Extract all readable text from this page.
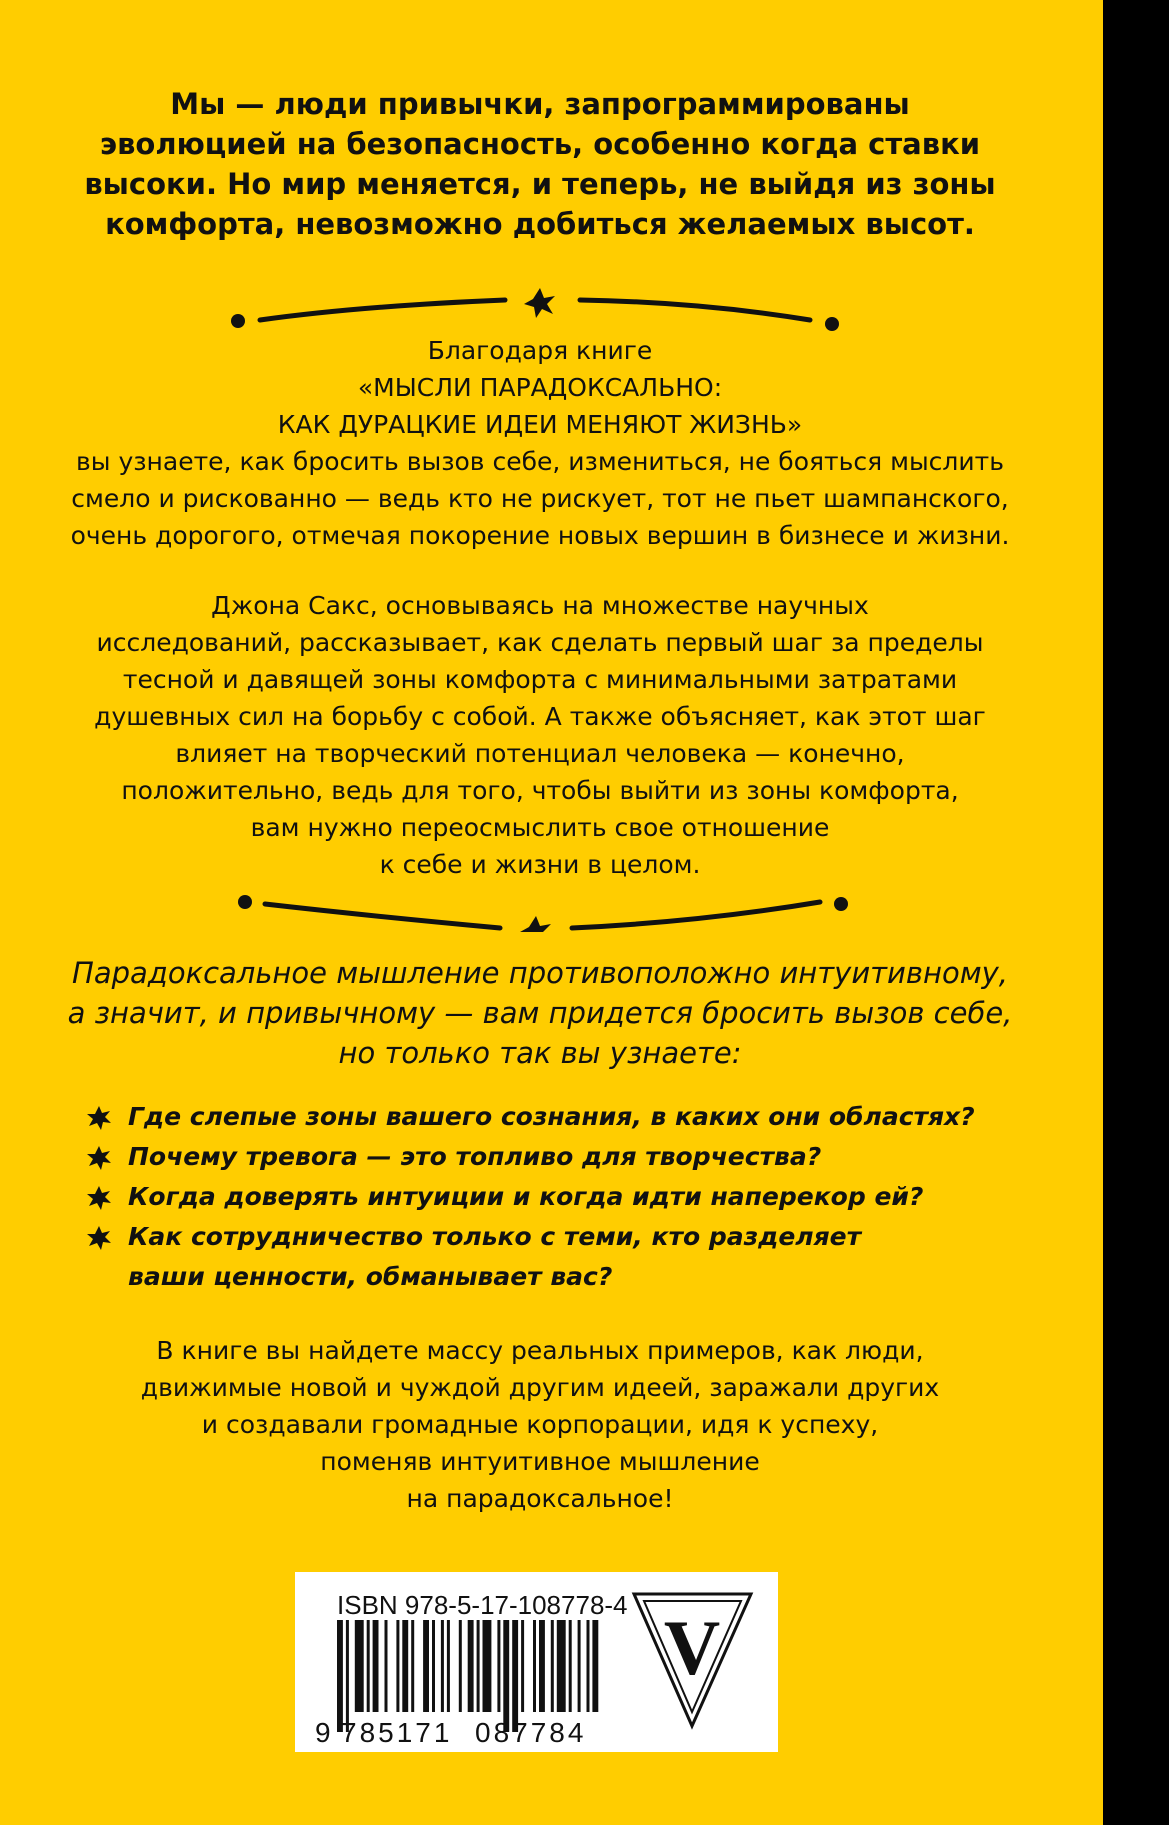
Мы — люди привычки, запрограммированы
эволюцией на безопасность, особенно когда ставки
высоки. Но мир меняется, и теперь, не выйдя из зоны
комфорта, невозможно добиться желаемых высот.
Благодаря книге
«МЫСЛИ ПАРАДОКСАЛЬНО:
КАК ДУРАЦКИЕ ИДЕИ МЕНЯЮТ ЖИЗНЬ»
вы узнаете, как бросить вызов себе, измениться, не бояться мыслить
смело и рискованно — ведь кто не рискует, тот не пьет шампанского,
очень дорогого, отмечая покорение новых вершин в бизнесе и жизни.
Джона Сакс, основываясь на множестве научных
исследований, рассказывает, как сделать первый шаг за пределы
тесной и давящей зоны комфорта с минимальными затратами
душевных сил на борьбу с собой. А также объясняет, как этот шаг
влияет на творческий потенциал человека — конечно,
положительно, ведь для того, чтобы выйти из зоны комфорта,
вам нужно переосмыслить свое отношение
к себе и жизни в целом.
Парадоксальное мышление противоположно интуитивному,
а значит, и привычному — вам придется бросить вызов себе,
но только так вы узнаете:
Где слепые зоны вашего сознания, в каких они областях?
Почему тревога — это топливо для творчества?
Когда доверять интуиции и когда идти наперекор ей?
Как сотрудничество только с теми, кто разделяет
ваши ценности, обманывает вас?
В книге вы найдете массу реальных примеров, как люди,
движимые новой и чуждой другим идеей, заражали других
и создавали громадные корпорации, идя к успеху,
поменяв интуитивное мышление
на парадоксальное!
ISBN 978-5-17-108778-4
9 785171 087784
V
